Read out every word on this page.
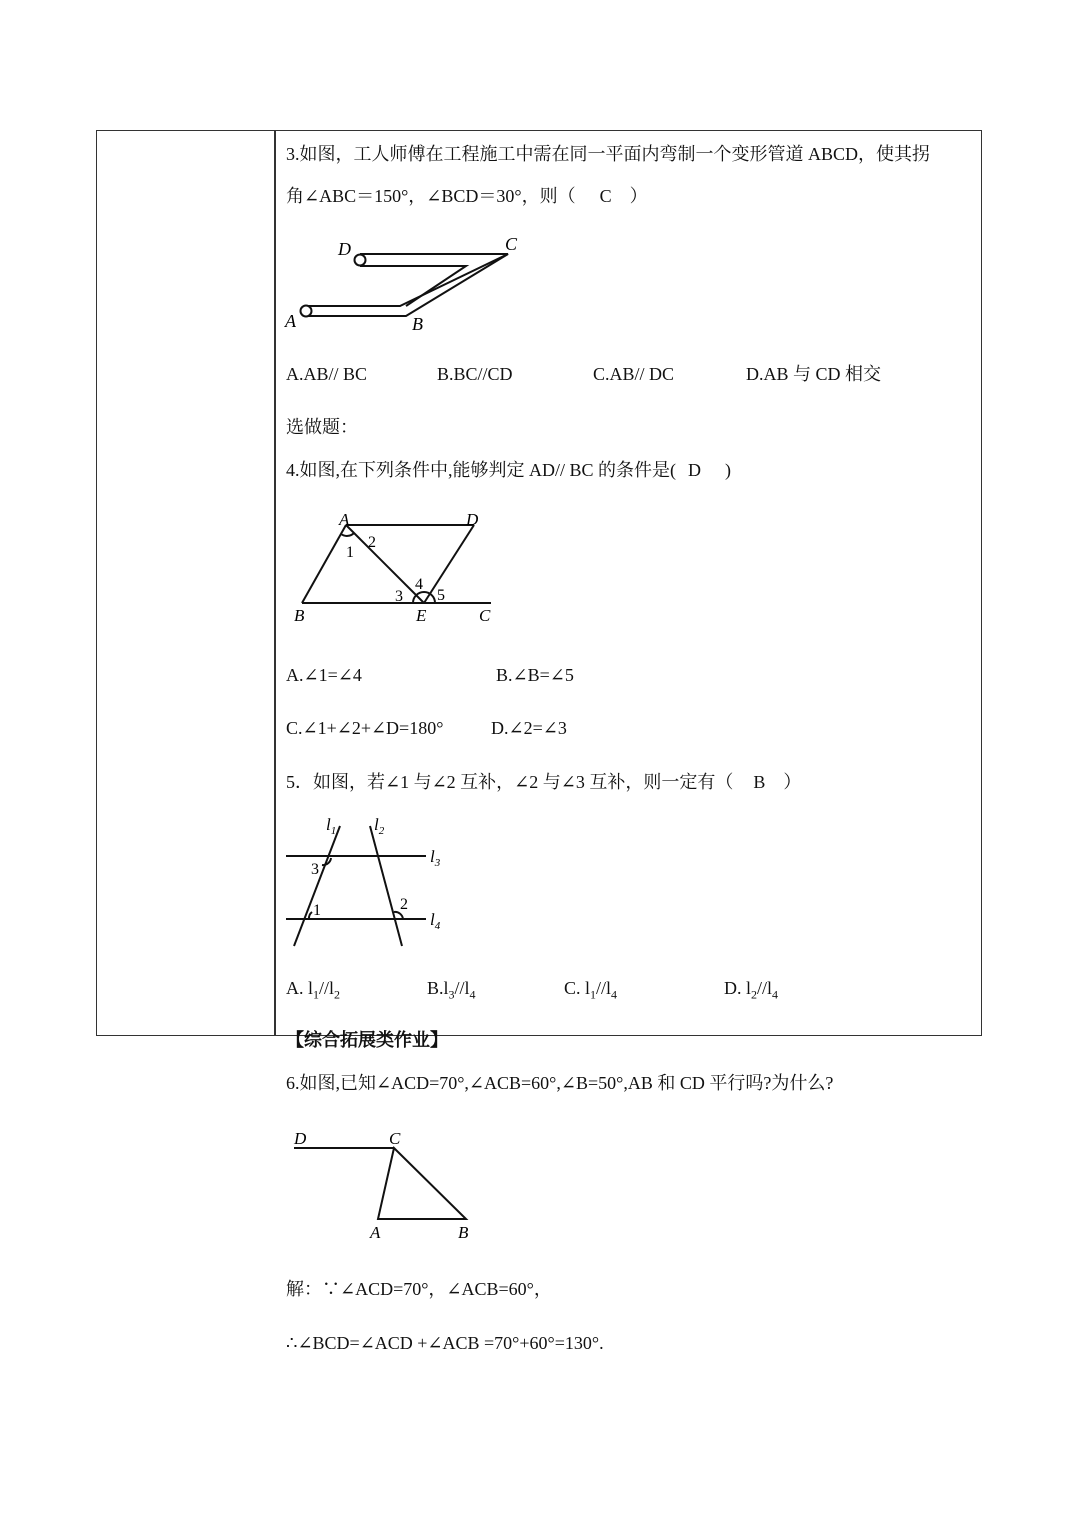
3.如图，工人师傅在工程施工中需在同一平面内弯制一个变形管道 ABCD，使其拐
角∠ABC＝150°，∠BCD＝30°，则（ C ）
D	C
A	B
A.AB// BC	B.BC//CD	C.AB// DC	D.AB 与 CD 相交
选做题：
4.如图,在下列条件中,能够判定 AD// BC 的条件是( D )
A	D
1
2
3
4
5
B	E	C
A.∠1=∠4	B.∠B=∠5
C.∠1+∠2+∠D=180°	D.∠2=∠3
5．如图，若∠1 与∠2 互补，∠2 与∠3 互补，则一定有（ B ）
$l_1$ $l_2$
$l_3$
$l_4$
3
1	2
A. $l_1//l_2$	$B.l_3//l_4$	C. $l_1//l_4$	D. $l_2//l_4$
【综合拓展类作业】
6.如图,已知∠ACD=70°,∠ACB=60°,∠B=50°,AB 和 CD 平行吗?为什么?
D	C
A	B
解：∵∠ACD=70°，∠ACB=60°，
∴∠BCD=∠ACD +∠ACB =70°+60°=130°.
